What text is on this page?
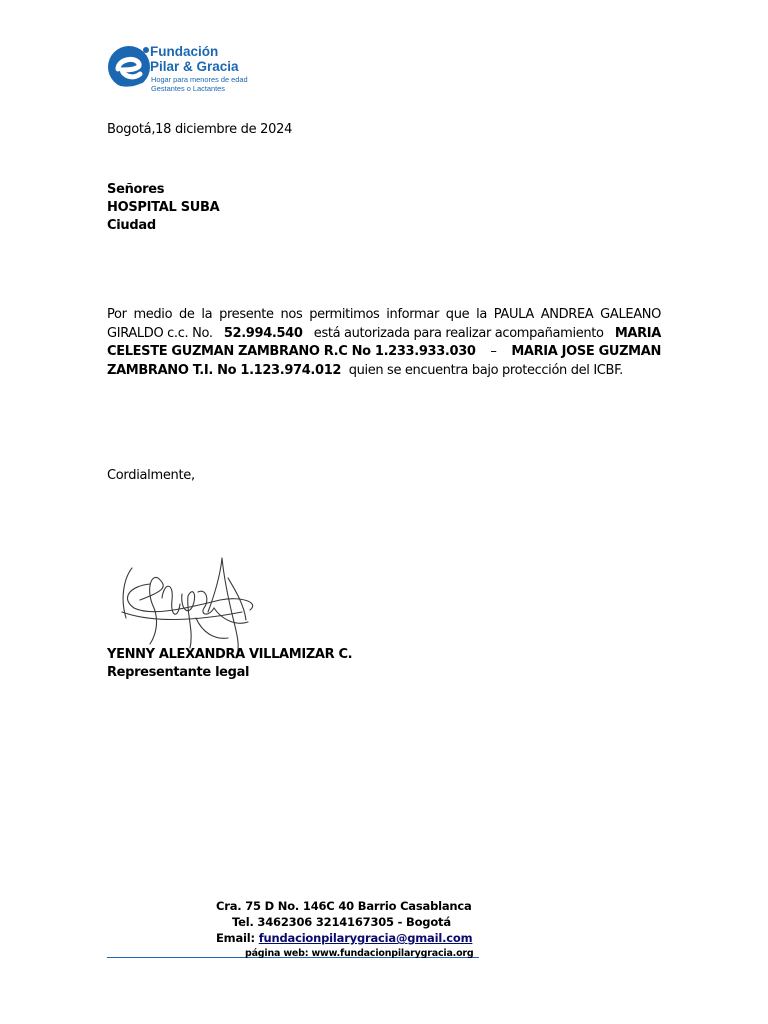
Fundación
Pilar & Gracia
Hogar para menores de edad
Gestantes o Lactantes
Bogotá,18 diciembre de 2024
Señores
HOSPITAL SUBA
Ciudad
Por medio de la presente nos permitimos informar que la PAULA ANDREA GALEANO
GIRALDO c.c. No. 52.994.540 está autorizada para realizar acompañamiento MARIA
CELESTE GUZMAN ZAMBRANO R.C No 1.233.933.030 – MARIA JOSE GUZMAN
ZAMBRANO T.I. No 1.123.974.012
quien se encuentra bajo protección del ICBF.
Cordialmente,
YENNY ALEXANDRA VILLAMIZAR C.
Representante legal
Cra. 75 D No. 146C 40 Barrio Casablanca
Tel. 3462306 3214167305 - Bogotá
Email: fundacionpilarygracia@gmail.com
página web: www.fundacionpilarygracia.org
